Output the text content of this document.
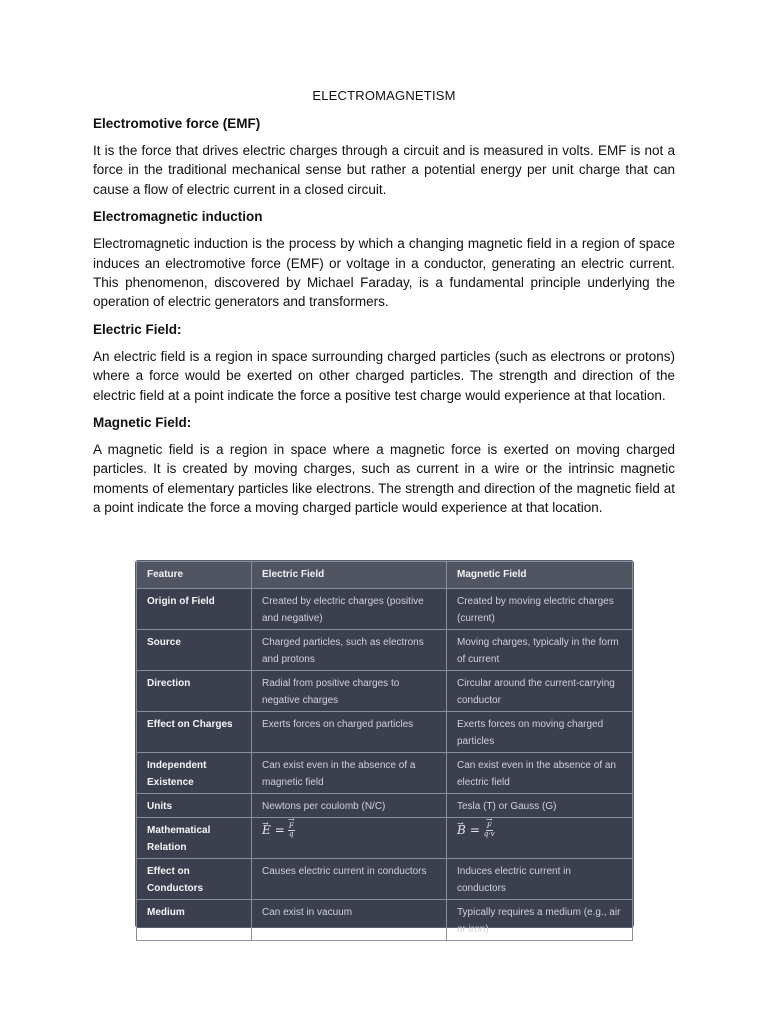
ELECTROMAGNETISM
Electromotive force (EMF)
It is the force that drives electric charges through a circuit and is measured in volts. EMF is not a force in the traditional mechanical sense but rather a potential energy per unit charge that can cause a flow of electric current in a closed circuit.
Electromagnetic induction
Electromagnetic induction is the process by which a changing magnetic field in a region of space induces an electromotive force (EMF) or voltage in a conductor, generating an electric current. This phenomenon, discovered by Michael Faraday, is a fundamental principle underlying the operation of electric generators and transformers.
Electric Field:
An electric field is a region in space surrounding charged particles (such as electrons or protons) where a force would be exerted on other charged particles. The strength and direction of the electric field at a point indicate the force a positive test charge would experience at that location.
Magnetic Field:
A magnetic field is a region in space where a magnetic force is exerted on moving charged particles. It is created by moving charges, such as current in a wire or the intrinsic magnetic moments of elementary particles like electrons. The strength and direction of the magnetic field at a point indicate the force a moving charged particle would experience at that location.
Feature	Electric Field	Magnetic Field
Origin of Field	Created by electric charges (positive and negative)	Created by moving electric charges (current)
Source	Charged particles, such as electrons and protons	Moving charges, typically in the form of current
Direction	Radial from positive charges to negative charges	Circular around the current-carrying conductor
Effect on Charges	Exerts forces on charged particles	Exerts forces on moving charged particles
Independent Existence	Can exist even in the absence of a magnetic field	Can exist even in the absence of an electric field
Units	Newtons per coulomb (N/C)	Tesla (T) or Gauss (G)
Mathematical Relation	→ E = → $\frac{F}{q}$	→ B = → $\frac{F}{q\cdot v}$

Effect on Conductors	Causes electric current in conductors	Induces electric current in conductors
Medium	Can exist in vacuum	Typically requires a medium (e.g., air or iron)
